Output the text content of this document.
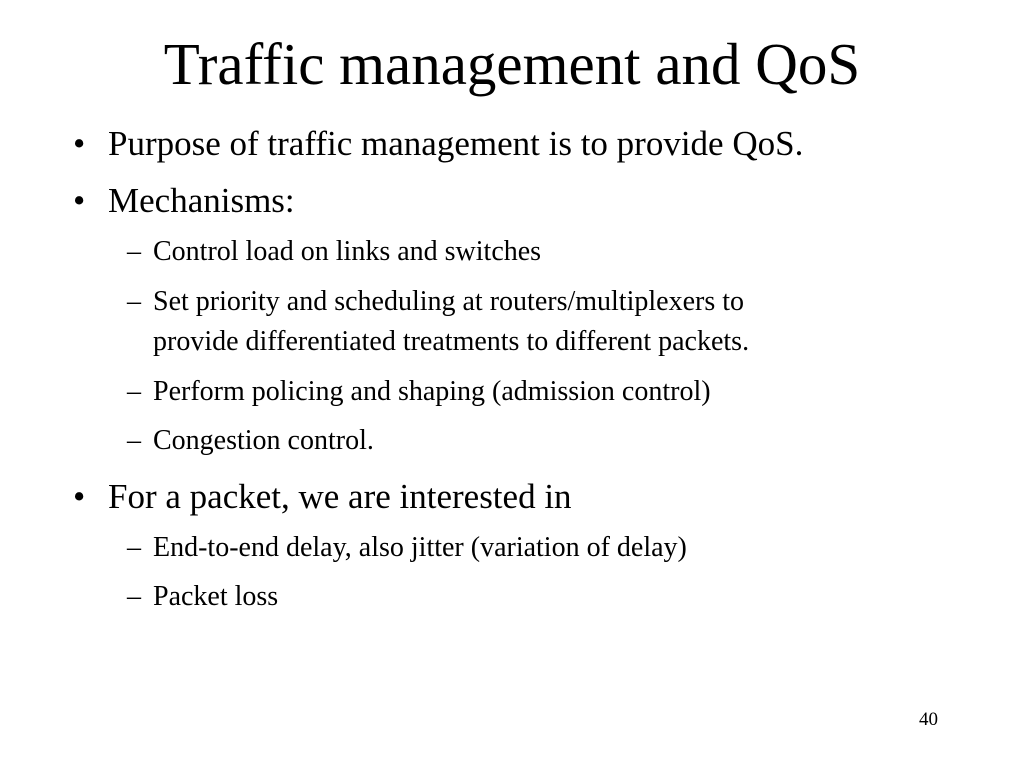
Traffic management and QoS
• Purpose of traffic management is to provide QoS.
• Mechanisms:
– Control load on links and switches
– Set priority and scheduling at routers/multiplexers to
provide differentiated treatments to different packets.
– Perform policing and shaping (admission control)
– Congestion control.
• For a packet, we are interested in
– End-to-end delay, also jitter (variation of delay)
– Packet loss
40
